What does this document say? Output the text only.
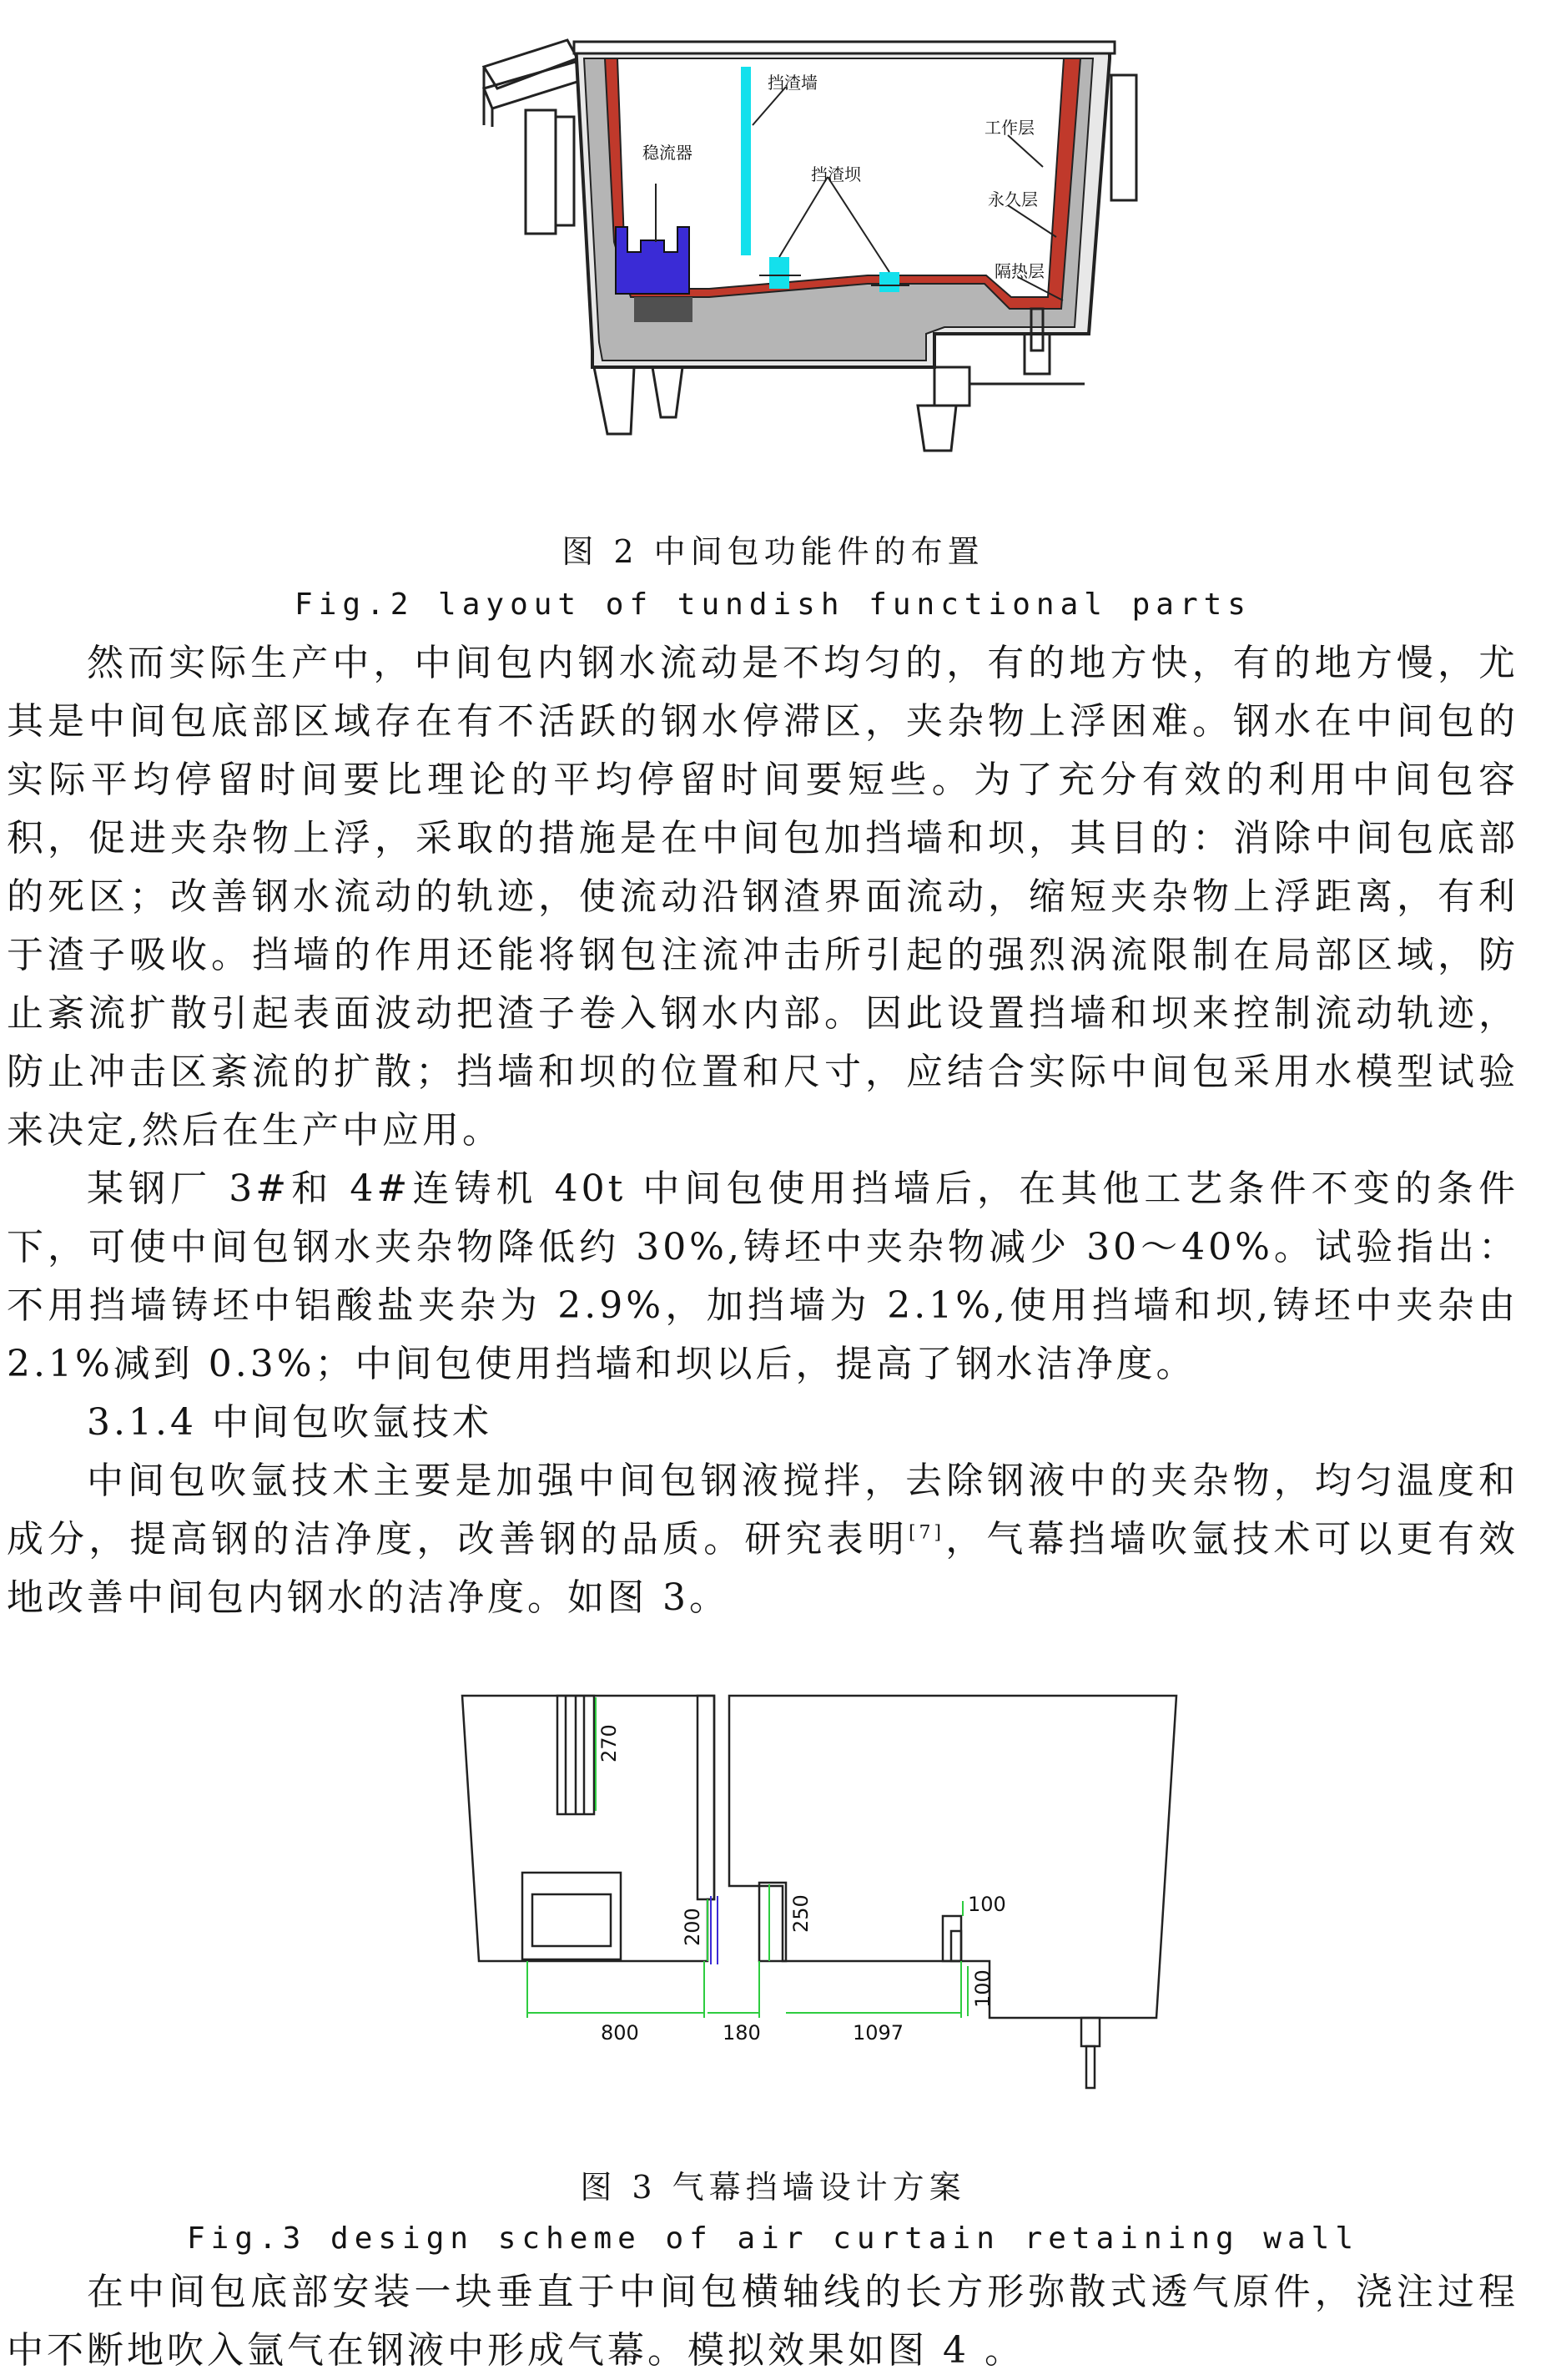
挡渣墙
稳流器
挡渣坝
工作层
永久层
隔热层
图 2 中间包功能件的布置
Fig.2 layout of tundish functional parts

然而实际生产中，中间包内钢水流动是不均匀的，有的地方快，有的地方慢，尤其是中间包底部区域存在有不活跃的钢水停滞区，夹杂物上浮困难。钢水在中间包的实际平均停留时间要比理论的平均停留时间要短些。为了充分有效的利用中间包容积，促进夹杂物上浮，采取的措施是在中间包加挡墙和坝，其目的：消除中间包底部的死区；改善钢水流动的轨迹，使流动沿钢渣界面流动，缩短夹杂物上浮距离，有利于渣子吸收。挡墙的作用还能将钢包注流冲击所引起的强烈涡流限制在局部区域，防止紊流扩散引起表面波动把渣子卷入钢水内部。因此设置挡墙和坝来控制流动轨迹，防止冲击区紊流的扩散；挡墙和坝的位置和尺寸，应结合实际中间包采用水模型试验来决定,然后在生产中应用。

某钢厂 3#和 4#连铸机 40t 中间包使用挡墙后，在其他工艺条件不变的条件下，可使中间包钢水夹杂物降低约 30%,铸坯中夹杂物减少 30～40%。试验指出：不用挡墙铸坯中铝酸盐夹杂为 2.9%，加挡墙为 2.1%,使用挡墙和坝,铸坯中夹杂由 2.1%减到 0.3%；中间包使用挡墙和坝以后，提高了钢水洁净度。

3.1.4 中间包吹氩技术

中间包吹氩技术主要是加强中间包钢液搅拌，去除钢液中的夹杂物，均匀温度和成分，提高钢的洁净度，改善钢的品质。研究表明[7]，气幕挡墙吹氩技术可以更有效地改善中间包内钢水的洁净度。如图 3。

270
200	250	100
100
800	180	1097
图 3 气幕挡墙设计方案
Fig.3 design scheme of air curtain retaining wall

在中间包底部安装一块垂直于中间包横轴线的长方形弥散式透气原件，浇注过程中不断地吹入氩气在钢液中形成气幕。模拟效果如图 4 。
